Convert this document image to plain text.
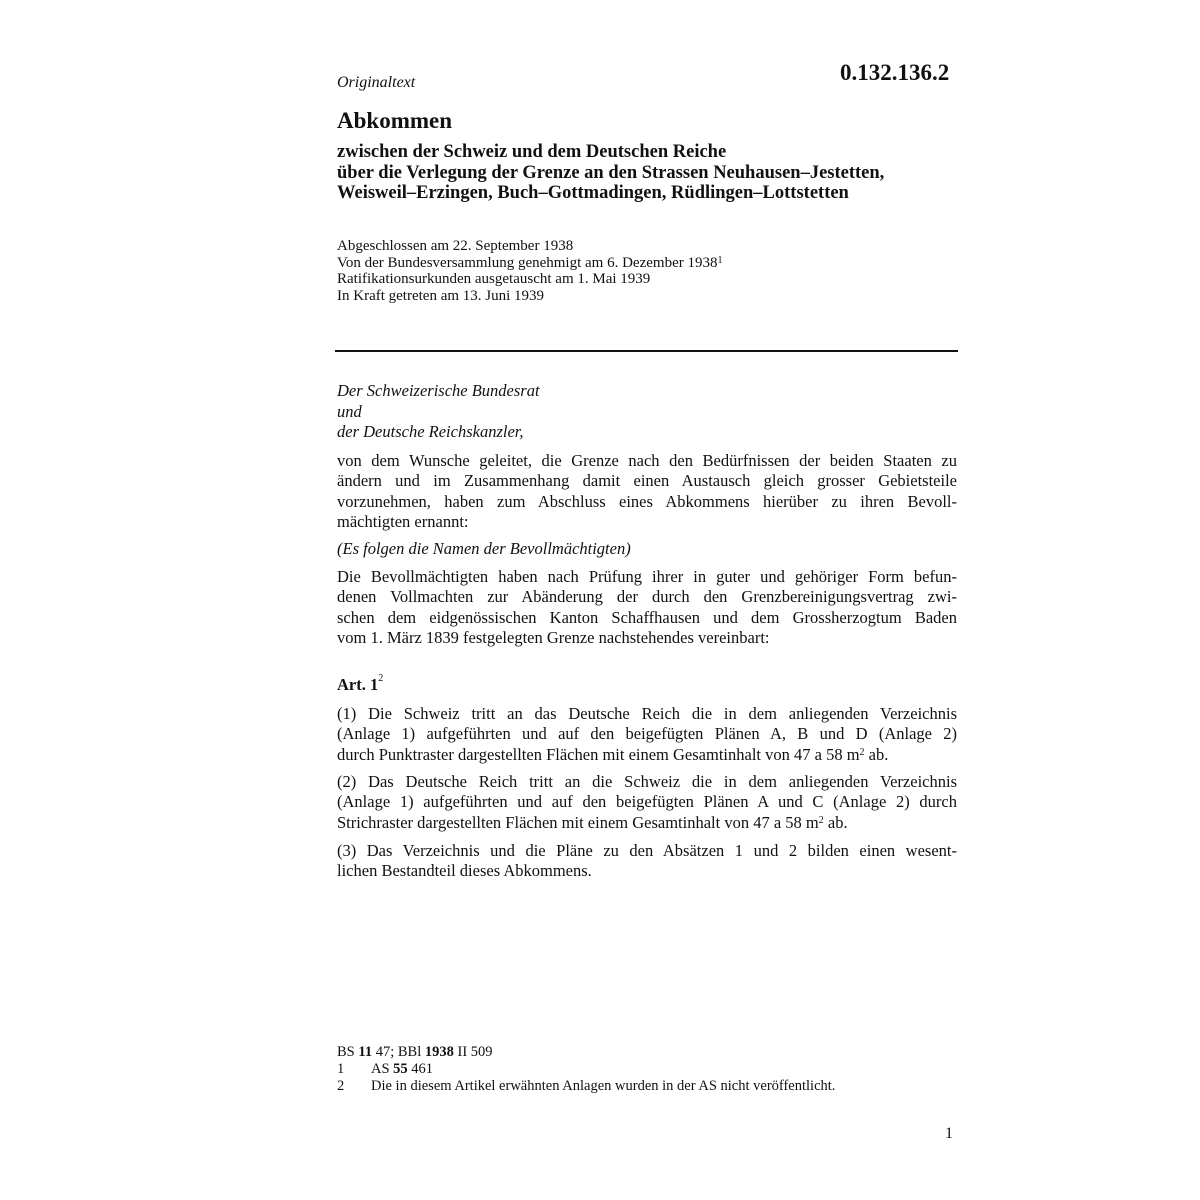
Originaltext	0.132.136.2
Abkommen
zwischen der Schweiz und dem Deutschen Reiche
über die Verlegung der Grenze an den Strassen Neuhausen–Jestetten,
Weisweil–Erzingen, Buch–Gottmadingen, Rüdlingen–Lottstetten
Abgeschlossen am 22. September 1938
Von der Bundesversammlung genehmigt am 6. Dezember 1938$^1$
Ratifikationsurkunden ausgetauscht am 1. Mai 1939
In Kraft getreten am 13. Juni 1939
Der Schweizerische Bundesrat
und
der Deutsche Reichskanzler,
von dem Wunsche geleitet, die Grenze nach den Bedürfnissen der beiden Staaten zu
ändern und im Zusammenhang damit einen Austausch gleich grosser Gebietsteile
vorzunehmen, haben zum Abschluss eines Abkommens hierüber zu ihren Bevoll-
mächtigten ernannt:
(Es folgen die Namen der Bevollmächtigten)
Die Bevollmächtigten haben nach Prüfung ihrer in guter und gehöriger Form befun-
denen Vollmachten zur Abänderung der durch den Grenzbereinigungsvertrag zwi-
schen dem eidgenössischen Kanton Schaffhausen und dem Grossherzogtum Baden
vom 1. März 1839 festgelegten Grenze nachstehendes vereinbart:
Art. $1^2$
(1) Die Schweiz tritt an das Deutsche Reich die in dem anliegenden Verzeichnis
(Anlage 1) aufgeführten und auf den beigefügten Plänen A, B und D (Anlage 2)
durch Punktraster dargestellten Flächen mit einem Gesamtinhalt von 47 a 58 $m^2$ ab.
(2) Das Deutsche Reich tritt an die Schweiz die in dem anliegenden Verzeichnis
(Anlage 1) aufgeführten und auf den beigefügten Plänen A und C (Anlage 2) durch
Strichraster dargestellten Flächen mit einem Gesamtinhalt von 47 a 58 $m^2$ ab.
(3) Das Verzeichnis und die Pläne zu den Absätzen 1 und 2 bilden einen wesent-
lichen Bestandteil dieses Abkommens.
BS 11 47; BBl 1938 II 509
1	AS 55 461
2	Die in diesem Artikel erwähnten Anlagen wurden in der AS nicht veröffentlicht.
1
